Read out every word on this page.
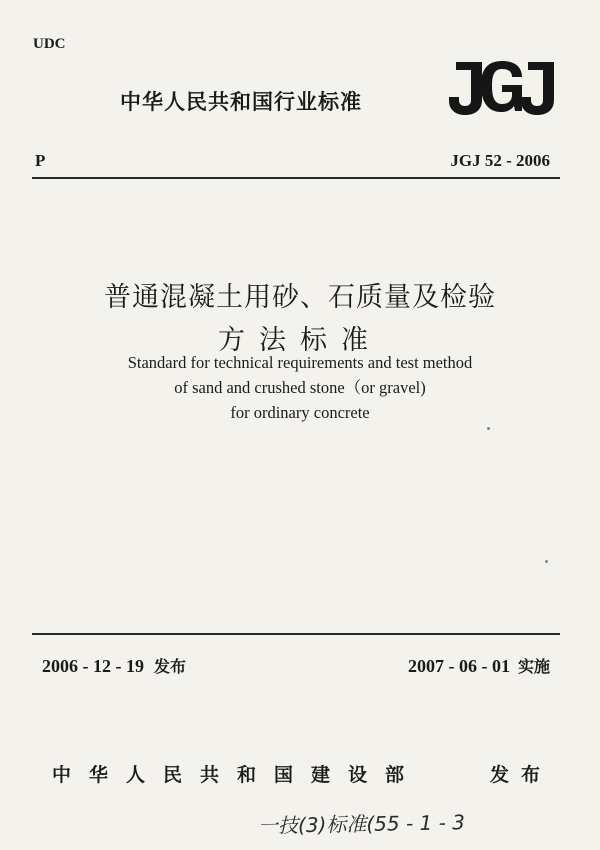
UDC
中华人民共和国行业标准
P	JGJ 52 - 2006
普通混凝土用砂、石质量及检验
方法标准
Standard for technical requirements and test method
of sand and crushed stone（or gravel)
for ordinary concrete
2006 - 12 - 19 发布	2007 - 06 - 01 实施
中华人民共和国建设部	发布
一技(3)标准(55 - 1 - 3
